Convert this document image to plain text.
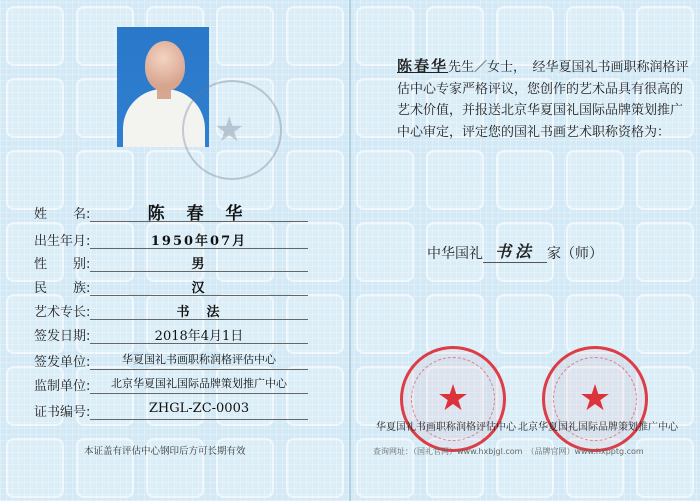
★
姓　　名:	陈 春 华
出生年月:	1950年07月
性　　别:	男
民　　族:	汉
艺术专长:	书　法
签发日期:	2018年4月1日
签发单位:	华夏国礼书画职称润格评估中心
监制单位:	北京华夏国礼国际品牌策划推广中心
证书编号:	ZHGL-ZC-0003
本证盖有评估中心钢印后方可长期有效
陈春华先生／女士，　经华夏国礼书画职称润格评估中心专家严格评议，您创作的艺术品具有很高的艺术价值，并报送北京华夏国礼国际品牌策划推广中心审定，评定您的国礼书画艺术职称资格为：
中华国礼 书法 家（师）
★	★
华夏国礼书画职称润格评估中心 北京华夏国礼国际品牌策划推广中心
查询网址：（国礼官网）www.hxbjgl.com　（品牌官网）www.hxpptg.com
